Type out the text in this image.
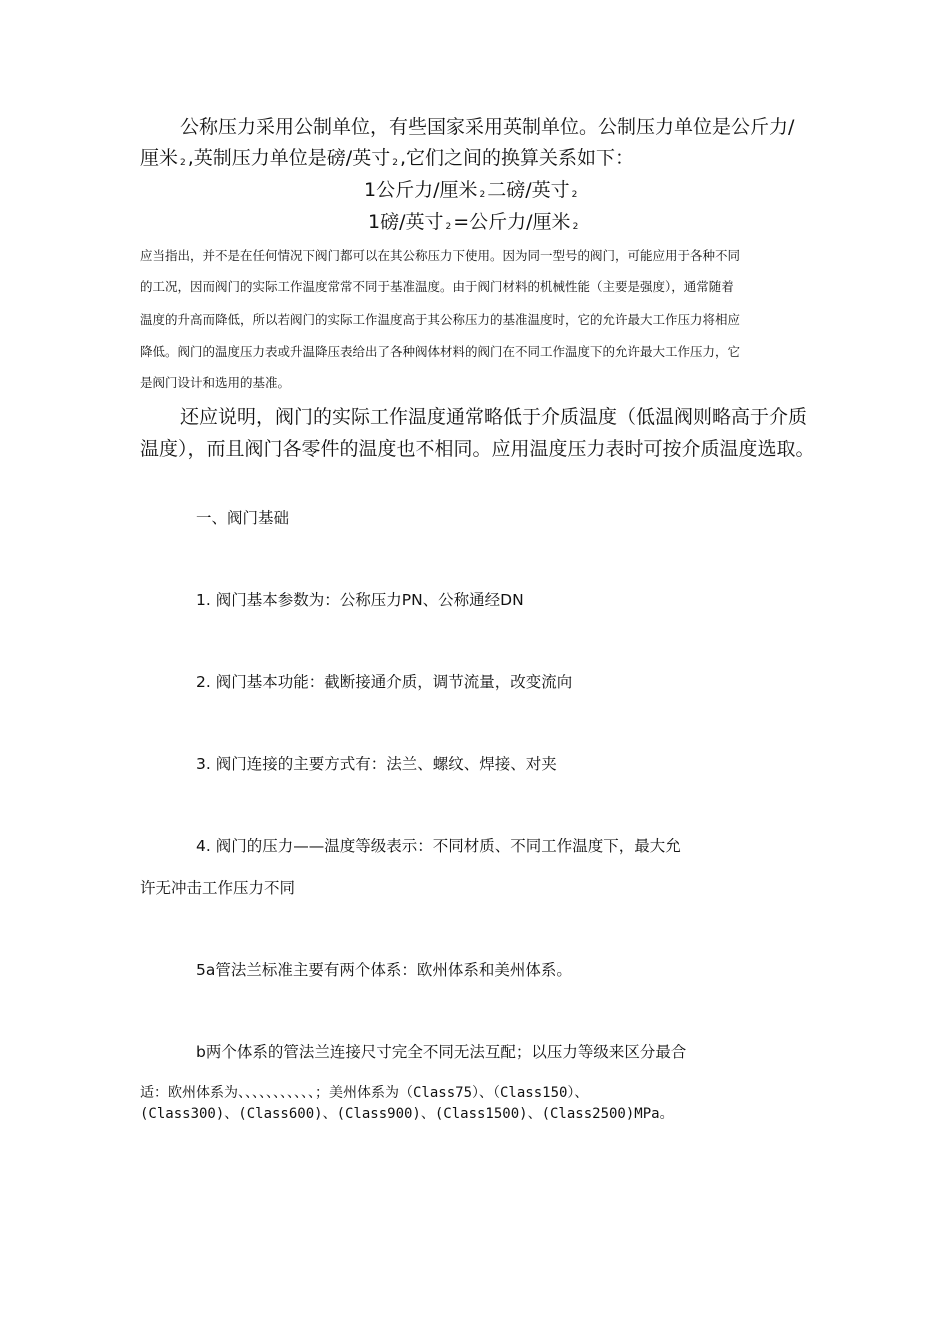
公称压力采用公制单位，有些国家采用英制单位。公制压力单位是公斤力/
厘米 2 ,英制压力单位是磅/英寸 2 ,它们之间的换算关系如下：
1公斤力/厘米 2 二磅/英寸 2
1磅/英寸 2 =公斤力/厘米 2
应当指出，并不是在任何情况下阀门都可以在其公称压力下使用。因为同一型号的阀门，可能应用于各种不同
的工况，因而阀门的实际工作温度常常不同于基准温度。由于阀门材料的机械性能（主要是强度），通常随着
温度的升高而降低，所以若阀门的实际工作温度高于其公称压力的基准温度时，它的允许最大工作压力将相应
降低。阀门的温度压力表或升温降压表给出了各种阀体材料的阀门在不同工作温度下的允许最大工作压力，它
是阀门设计和选用的基准。
还应说明，阀门的实际工作温度通常略低于介质温度（低温阀则略高于介质
温度），而且阀门各零件的温度也不相同。应用温度压力表时可按介质温度选取。
一、阀门基础
1. 阀门基本参数为：公称压力PN、公称通经DN
2. 阀门基本功能：截断接通介质，调节流量，改变流向
3. 阀门连接的主要方式有：法兰、螺纹、焊接、对夹
4. 阀门的压力——温度等级表示：不同材质、不同工作温度下，最大允
许无冲击工作压力不同
5a管法兰标准主要有两个体系：欧州体系和美州体系。
b两个体系的管法兰连接尺寸完全不同无法互配；以压力等级来区分最合
适：欧州体系为、、、、、、、、、、、；美州体系为（Class75）、（Class150）、
(Class300)、(Class600)、(Class900)、(Class1500)、(Class2500)MPa。
